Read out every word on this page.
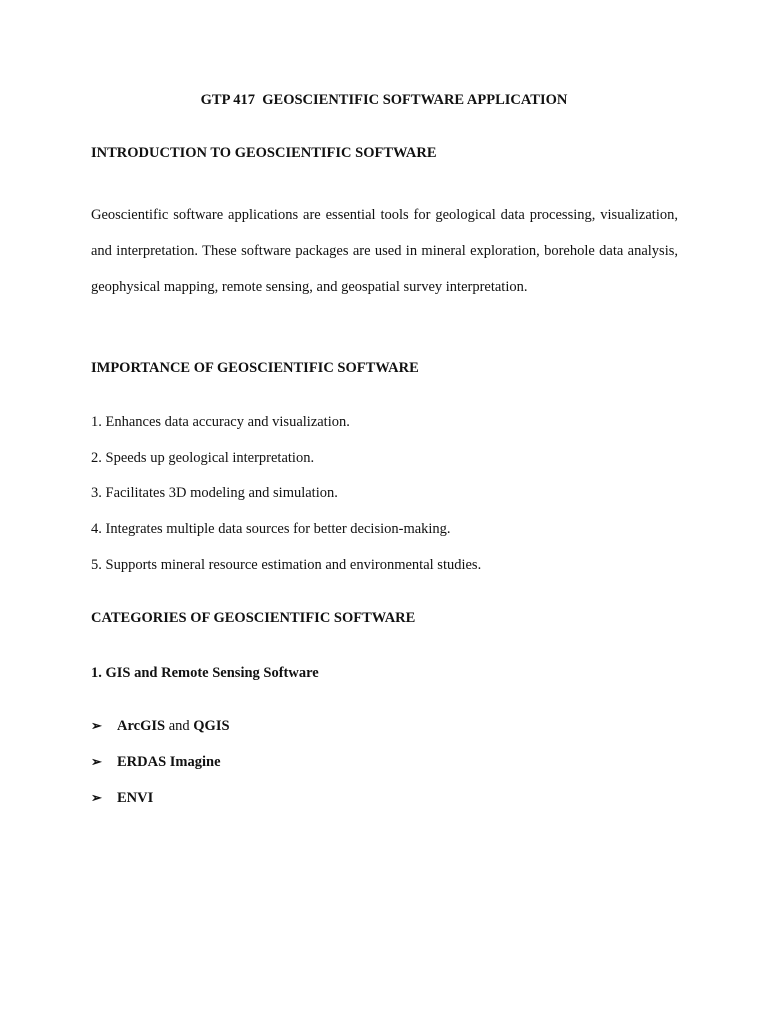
GTP 417  GEOSCIENTIFIC SOFTWARE APPLICATION
INTRODUCTION TO GEOSCIENTIFIC SOFTWARE
Geoscientific software applications are essential tools for geological data processing, visualization, and interpretation. These software packages are used in mineral exploration, borehole data analysis, geophysical mapping, remote sensing, and geospatial survey interpretation.
IMPORTANCE OF GEOSCIENTIFIC SOFTWARE
1. Enhances data accuracy and visualization.
2. Speeds up geological interpretation.
3. Facilitates 3D modeling and simulation.
4. Integrates multiple data sources for better decision-making.
5. Supports mineral resource estimation and environmental studies.
CATEGORIES OF GEOSCIENTIFIC SOFTWARE
1. GIS and Remote Sensing Software
➢	ArcGIS and QGIS
➢	ERDAS Imagine
➢	ENVI
